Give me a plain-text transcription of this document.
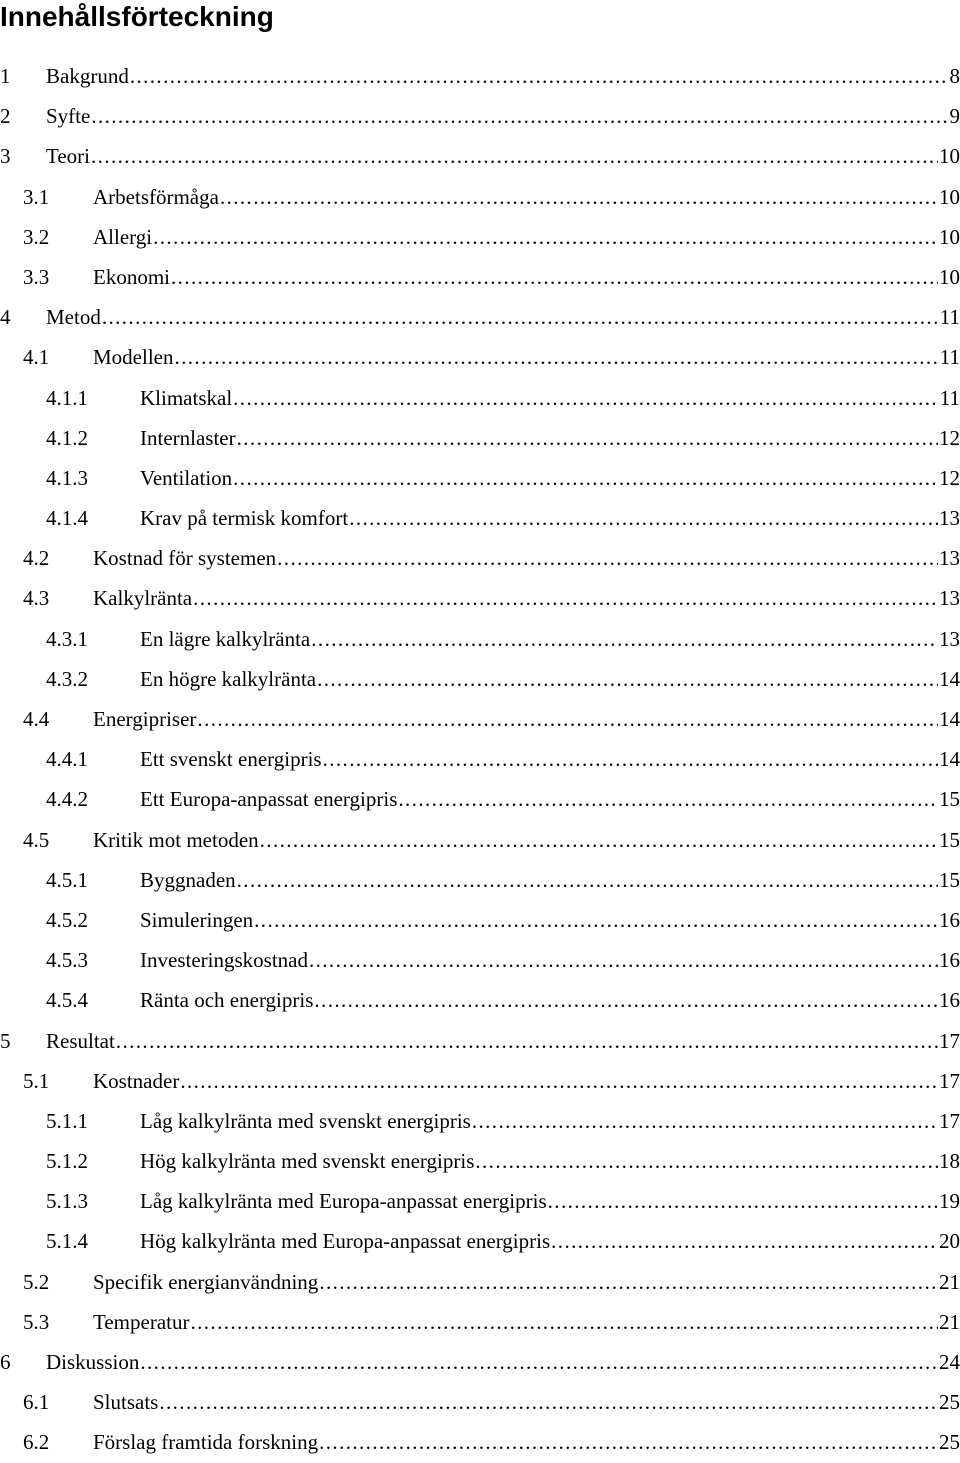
Innehållsförteckning
1 Bakgrund .....	8
2 Syfte .....	9
3 Teori .....	10
3.1 Arbetsförmåga .....	10
3.2 Allergi .....	10
3.3 Ekonomi .....	10
4 Metod .....	11
4.1 Modellen .....	11
4.1.1 Klimatskal .....	11
4.1.2 Internlaster .....	12
4.1.3 Ventilation .....	12
4.1.4 Krav på termisk komfort .....	13
4.2 Kostnad för systemen .....	13
4.3 Kalkylränta .....	13
4.3.1 En lägre kalkylränta .....	13
4.3.2 En högre kalkylränta .....	14
4.4 Energipriser .....	14
4.4.1 Ett svenskt energipris .....	14
4.4.2 Ett Europa-anpassat energipris .....	15
4.5 Kritik mot metoden .....	15
4.5.1 Byggnaden .....	15
4.5.2 Simuleringen .....	16
4.5.3 Investeringskostnad .....	16
4.5.4 Ränta och energipris .....	16
5 Resultat .....	17
5.1 Kostnader .....	17
5.1.1 Låg kalkylränta med svenskt energipris .....	17
5.1.2 Hög kalkylränta med svenskt energipris .....	18
5.1.3 Låg kalkylränta med Europa-anpassat energipris .....	19
5.1.4 Hög kalkylränta med Europa-anpassat energipris .....	20
5.2 Specifik energianvändning .....	21
5.3 Temperatur .....	21
6 Diskussion .....	24
6.1 Slutsats .....	25
6.2 Förslag framtida forskning .....	25
